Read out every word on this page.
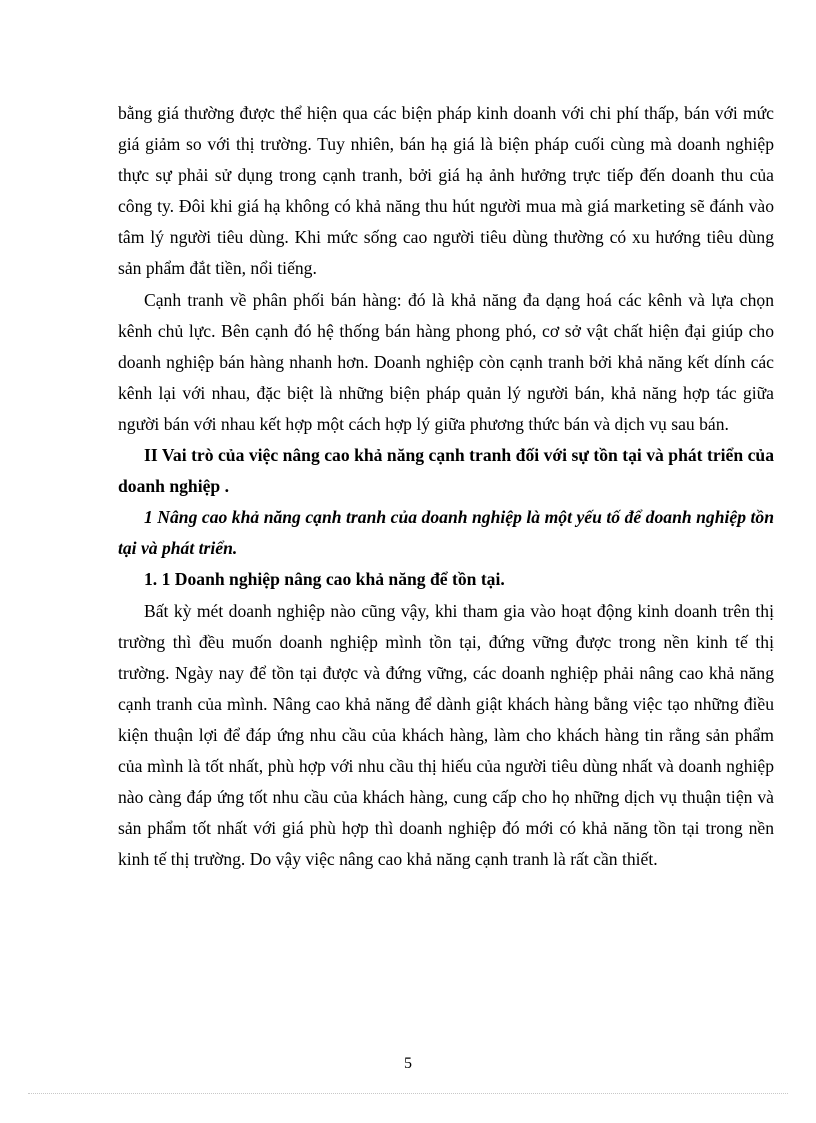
bằng giá thường được thể hiện qua các biện pháp kinh doanh với chi phí thấp, bán với mức giá giảm so với thị trường. Tuy nhiên, bán hạ giá là biện pháp cuối cùng mà doanh nghiệp thực sự phải sử dụng trong cạnh tranh, bởi giá hạ ảnh hưởng trực tiếp đến doanh thu của công ty. Đôi khi giá hạ không có khả năng thu hút người mua mà giá marketing sẽ đánh vào tâm lý người tiêu dùng. Khi mức sống cao người tiêu dùng thường có xu hướng tiêu dùng sản phẩm đắt tiền, nổi tiếng.

Cạnh tranh về phân phối bán hàng: đó là khả năng đa dạng hoá các kênh và lựa chọn kênh chủ lực. Bên cạnh đó hệ thống bán hàng phong phó, cơ sở vật chất hiện đại giúp cho doanh nghiệp bán hàng nhanh hơn. Doanh nghiệp còn cạnh tranh bởi khả năng kết dính các kênh lại với nhau, đặc biệt là những biện pháp quản lý người bán, khả năng hợp tác giữa người bán với nhau kết hợp một cách hợp lý giữa phương thức bán và dịch vụ sau bán.

II Vai trò của việc nâng cao khả năng cạnh tranh đối với sự tồn tại và phát triển của doanh nghiệp .

1 Nâng cao khả năng cạnh tranh của doanh nghiệp là một yếu tố để doanh nghiệp tồn tại và phát triển.

1. 1 Doanh nghiệp nâng cao khả năng để tồn tại.

Bất kỳ mét doanh nghiệp nào cũng vậy, khi tham gia vào hoạt động kinh doanh trên thị trường thì đều muốn doanh nghiệp mình tồn tại, đứng vững được trong nền kinh tế thị trường. Ngày nay để tồn tại được và đứng vững, các doanh nghiệp phải nâng cao khả năng cạnh tranh của mình. Nâng cao khả năng để dành giật khách hàng bằng việc tạo những điều kiện thuận lợi để đáp ứng nhu cầu của khách hàng, làm cho khách hàng tin rằng sản phẩm của mình là tốt nhất, phù hợp với nhu cầu thị hiếu của người tiêu dùng nhất và doanh nghiệp nào càng đáp ứng tốt nhu cầu của khách hàng, cung cấp cho họ những dịch vụ thuận tiện và sản phẩm tốt nhất với giá phù hợp thì doanh nghiệp đó mới có khả năng tồn tại trong nền kinh tế thị trường. Do vậy việc nâng cao khả năng cạnh tranh là rất cần thiết.

5
